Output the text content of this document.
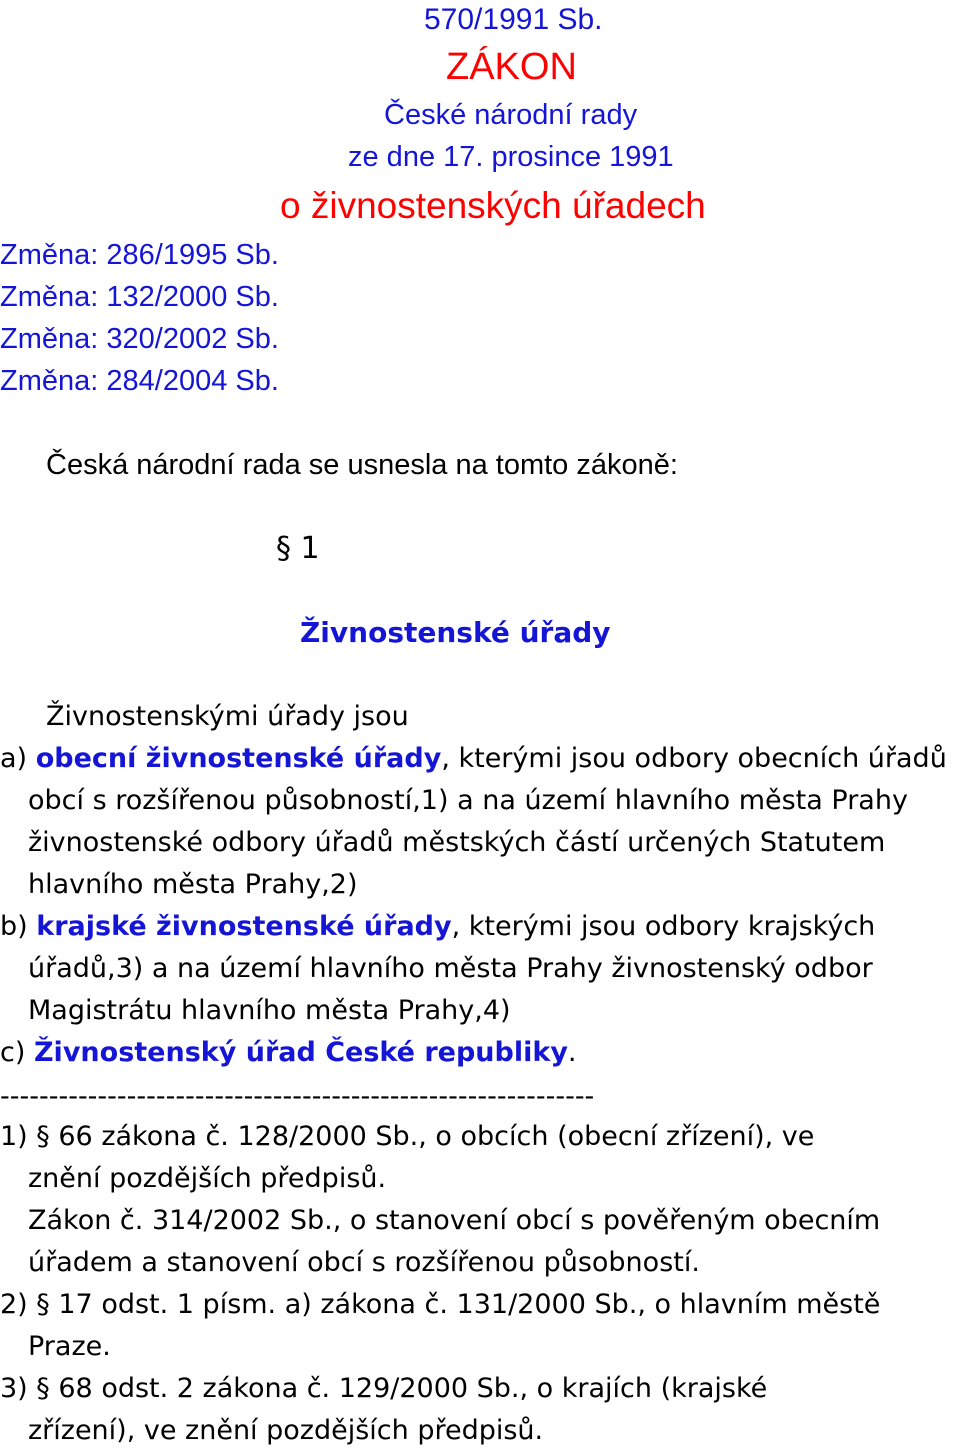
570/1991 Sb.
ZÁKON
České národní rady
ze dne 17. prosince 1991
o živnostenských úřadech
Změna: 286/1995 Sb.
Změna: 132/2000 Sb.
Změna: 320/2002 Sb.
Změna: 284/2004 Sb.
Česká národní rada se usnesla na tomto zákoně:
§ 1
Živnostenské úřady
Živnostenskými úřady jsou
a) obecní živnostenské úřady, kterými jsou odbory obecních úřadů
obcí s rozšířenou působností,1) a na území hlavního města Prahy
živnostenské odbory úřadů městských částí určených Statutem
hlavního města Prahy,2)
b) krajské živnostenské úřady, kterými jsou odbory krajských
úřadů,3) a na území hlavního města Prahy živnostenský odbor
Magistrátu hlavního města Prahy,4)
c) Živnostenský úřad České republiky.
-------------------------------------------------------------
1) § 66 zákona č. 128/2000 Sb., o obcích (obecní zřízení), ve
znění pozdějších předpisů.
Zákon č. 314/2002 Sb., o stanovení obcí s pověřeným obecním
úřadem a stanovení obcí s rozšířenou působností.
2) § 17 odst. 1 písm. a) zákona č. 131/2000 Sb., o hlavním městě
Praze.
3) § 68 odst. 2 zákona č. 129/2000 Sb., o krajích (krajské
zřízení), ve znění pozdějších předpisů.
